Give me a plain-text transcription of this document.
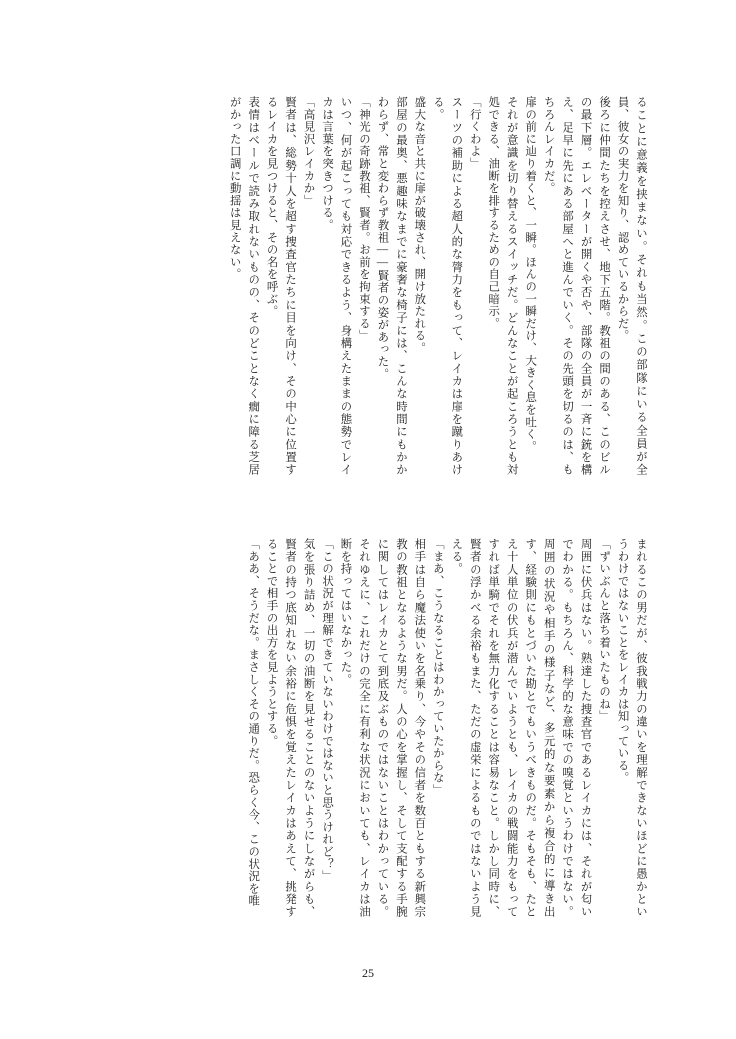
ることに意義を挟まない。それも当然。この部隊にいる全員が全員、彼女の実力を知り、認めているからだ。
後ろに仲間たちを控えさせ、地下五階。教祖の間のある、このビルの最下層。エレベーターが開くや否や、部隊の全員が一斉に銃を構え、足早に先にある部屋へと進んでいく。その先頭を切るのは、もちろんレイカだ。
扉の前に辿り着くと、一瞬。ほんの一瞬だけ、大きく息を吐く。
それが意識を切り替えるスイッチだ。どんなことが起ころうとも対処できる、油断を排するための自己暗示。
「行くわよ」
スーツの補助による超人的な膂力をもって、レイカは扉を蹴りあける。
盛大な音と共に扉が破壊され、開け放たれる。
部屋の最奥、悪趣味なまでに豪奢な椅子には、こんな時間にもかかわらず、常と変わらず教祖——賢者の姿があった。
「神光の奇跡教祖、賢者。お前を拘束する」
いつ、何が起こっても対応できるよう、身構えたままの態勢でレイカは言葉を突きつける。
「高見沢レイカか」
賢者は、総勢十人を超す捜査官たちに目を向け、その中心に位置するレイカを見つけると、その名を呼ぶ。
表情はベールで読み取れないものの、そのどことなく癇に障る芝居がかった口調に動揺は見えない。
まれるこの男だが、彼我戦力の違いを理解できないほどに愚かというわけではないことをレイカは知っている。
「ずいぶんと落ち着いたものね」
周囲に伏兵はない。熟達した捜査官であるレイカには、それが匂いでわかる。もちろん、科学的な意味での嗅覚というわけではない。周囲の状況や相手の様子など、多元的な要素から複合的に導き出す、経験則にもとづいた勘とでもいうべきものだ。そもそも、たとえ十人単位の伏兵が潜んでいようとも、レイカの戦闘能力をもってすれば単騎でそれを無力化することは容易なこと。しかし同時に、賢者の浮かべる余裕もまた、ただの虚栄によるものではないよう見える。
「まあ、こうなることはわかっていたからな」
相手は自ら魔法使いを名乗り、今やその信者を数百ともする新興宗教の教祖となるような男だ。人の心を掌握し、そして支配する手腕に関してはレイカとて到底及ぶものではないことはわかっている。それゆえに、これだけの完全に有利な状況においても、レイカは油断を持ってはいなかった。
「この状況が理解できていないわけではないと思うけれど？」
気を張り詰め、一切の油断を見せることのないようにしながらも、賢者の持つ底知れない余裕に危惧を覚えたレイカはあえて、挑発することで相手の出方を見ようとする。
「ああ、そうだな。まさしくその通りだ。恐らく今、この状況を唯
25
